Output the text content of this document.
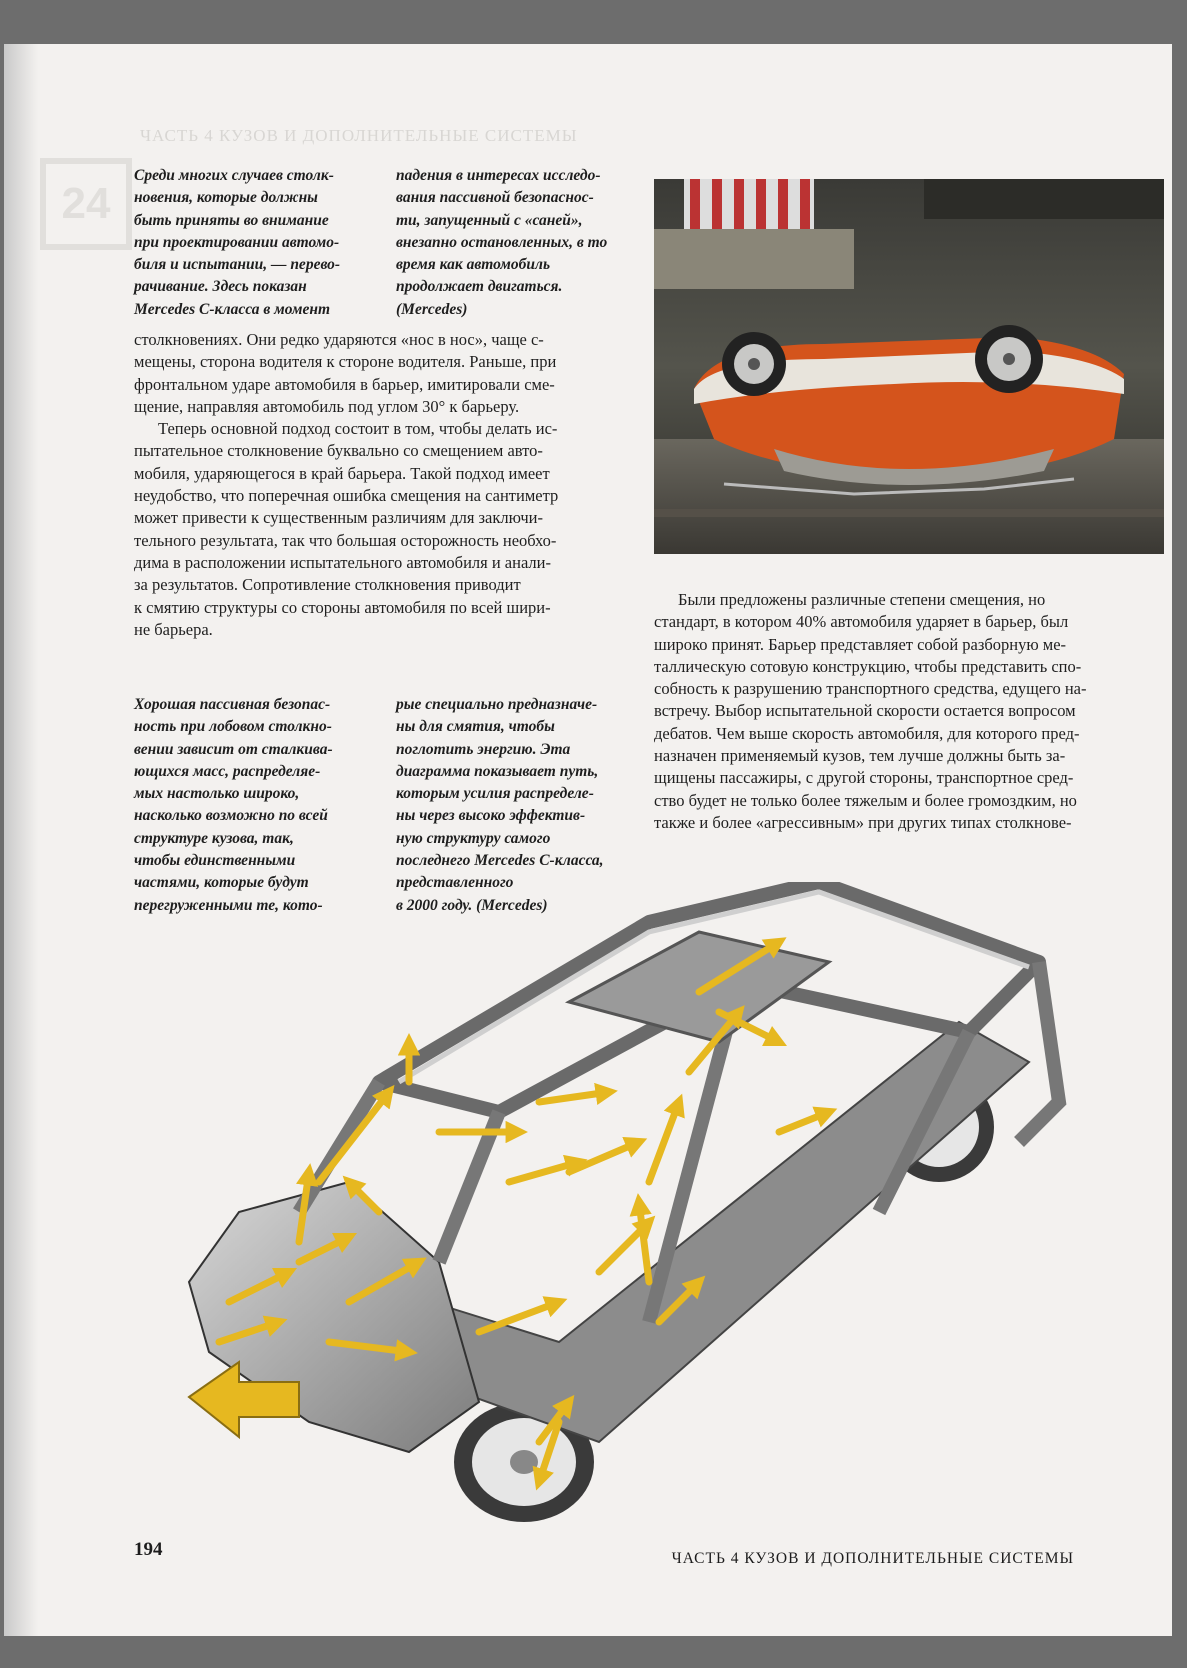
ЧАСТЬ 4 КУЗОВ И ДОПОЛНИТЕЛЬНЫЕ СИСТЕМЫ
24
Среди многих случаев столк-
новения, которые должны
быть приняты во внимание
при проектировании автомо-
биля и испытании, — перево-
рачивание. Здесь показан
Mercedes С-класса в момент
падения в интересах исследо-
вания пассивной безопаснос-
ти, запущенный с «саней»,
внезапно остановленных, в то
время как автомобиль
продолжает двигаться.
(Mercedes)

столкновениях. Они редко ударяются «нос в нос», чаще с-
мещены, сторона водителя к стороне водителя. Раньше, при
фронтальном ударе автомобиля в барьер, имитировали сме-
щение, направляя автомобиль под углом 30° к барьеру.

Теперь основной подход состоит в том, чтобы делать ис-
пытательное столкновение буквально со смещением авто-
мобиля, ударяющегося в край барьера. Такой подход имеет
неудобство, что поперечная ошибка смещения на сантиметр
может привести к существенным различиям для заключи-
тельного результата, так что большая осторожность необхо-
дима в расположении испытательного автомобиля и анали-
за результатов. Сопротивление столкновения приводит
к смятию структуры со стороны автомобиля по всей шири-
не барьера.

Были предложены различные степени смещения, но
стандарт, в котором 40% автомобиля ударяет в барьер, был
широко принят. Барьер представляет собой разборную ме-
таллическую сотовую конструкцию, чтобы представить спо-
собность к разрушению транспортного средства, едущего на-
встречу. Выбор испытательной скорости остается вопросом
дебатов. Чем выше скорость автомобиля, для которого пред-
назначен применяемый кузов, тем лучше должны быть за-
щищены пассажиры, с другой стороны, транспортное сред-
ство будет не только более тяжелым и более громоздким, но
также и более «агрессивным» при других типах столкнове-

Хорошая пассивная безопас-
ность при лобовом столкно-
вении зависит от сталкива-
ющихся масс, распределяе-
мых настолько широко,
насколько возможно по всей
структуре кузова, так,
чтобы единственными
частями, которые будут
перегруженными те, кото-
рые специально предназначе-
ны для смятия, чтобы
поглотить энергию. Эта
диаграмма показывает путь,
которым усилия распределе-
ны через высоко эффектив-
ную структуру самого
последнего Mercedes С-класса,
представленного
в 2000 году. (Mercedes)
194	ЧАСТЬ 4 КУЗОВ И ДОПОЛНИТЕЛЬНЫЕ СИСТЕМЫ
